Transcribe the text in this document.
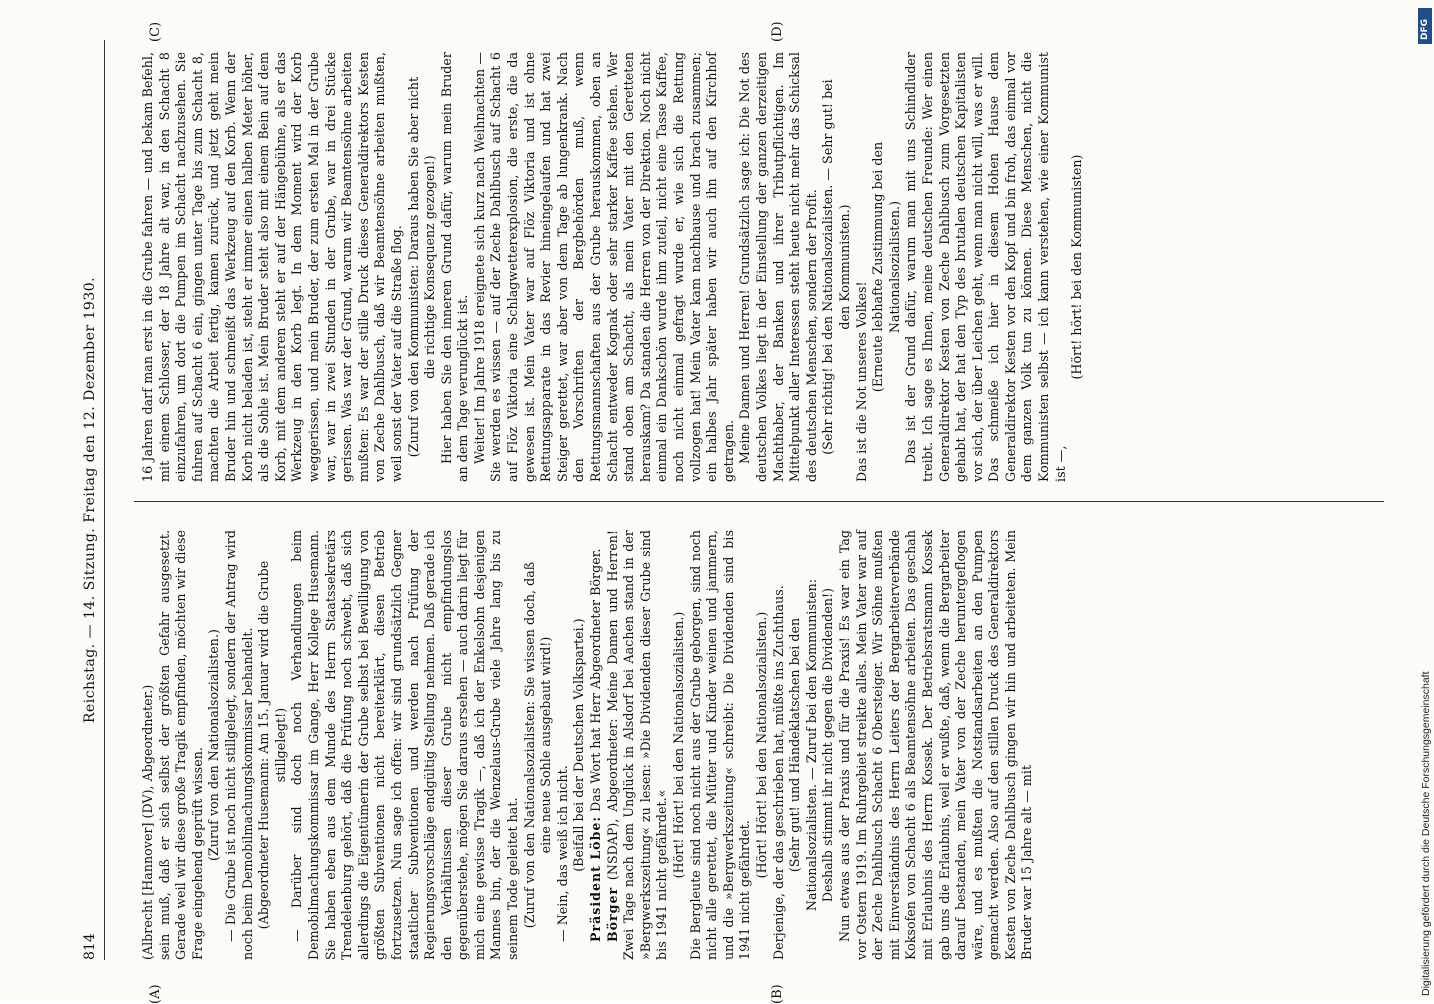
814
Reichstag. — 14. Sitzung. Freitag den 12. Dezember 1930.
(A)	(B)
(C)	(D)

(Albrecht [Hannover] (DV), Abgeordneter.) sein muß, daß er sich selbst der größten Gefahr ausgesetzt. Gerade weil wir diese große Tragik empfinden, möchten wir diese Frage eingehend geprüft wissen. (Zuruf von den Nationalsozialisten.) — Die Grube ist noch nicht stillgelegt, sondern der Antrag wird noch beim Demobilmachungskommissar behandelt. (Abgeordneter Husemann: Am 15. Januar wird die Grube stillgelegt!) — Darüber sind doch noch Verhandlungen beim Demobilmachungskommissar im Gange, Herr Kollege Husemann. Sie haben eben aus dem Munde des Herrn Staatssekretärs Trendelenburg gehört, daß die Prüfung noch schwebt, daß sich allerdings die Eigentümerin der Grube selbst bei Bewilligung von größten Subventionen nicht bereiterklärt, diesen Betrieb fortzusetzen. Nun sage ich offen: wir sind grundsätzlich Gegner staatlicher Subventionen und werden nach Prüfung der Regierungsvorschläge endgültig Stellung nehmen. Daß gerade ich den Verhältnissen dieser Grube nicht empfindungslos gegenüberstehe, mögen Sie daraus ersehen — auch darin liegt für mich eine gewisse Tragik —, daß ich der Enkelsohn desjenigen Mannes bin, der die Wenzelaus-Grube viele Jahre lang bis zu seinem Tode geleitet hat. (Zuruf von den Nationalsozialisten: Sie wissen doch, daß eine neue Sohle ausgebaut wird!)

— Nein, das weiß ich nicht. (Beifall bei der Deutschen Volkspartei.)

Präsident Löbe: Das Wort hat Herr Abgeordneter Börger.

Börger (NSDAP), Abgeordneter: Meine Damen und Herren! Zwei Tage nach dem Unglück in Alsdorf bei Aachen stand in der »Bergwerkszeitung« zu lesen: »Die Dividenden dieser Grube sind bis 1941 nicht gefährdet.« (Hört! Hört! bei den Nationalsozialisten.) Die Bergleute sind noch nicht aus der Grube geborgen, sind noch nicht alle gerettet, die Mütter und Kinder weinen und jammern, und die »Bergwerkszeitung« schreibt: Die Dividenden sind bis 1941 nicht gefährdet.

(Hört! Hört! bei den Nationalsozialisten.) Derjenige, der das geschrieben hat, müßte ins Zuchthaus. (Sehr gut! und Händeklatschen bei den Nationalsozialisten. — Zuruf bei den Kommunisten: Deshalb stimmt ihr nicht gegen die Dividenden!) Nun etwas aus der Praxis und für die Praxis! Es war ein Tag vor Ostern 1919. Im Ruhrgebiet streikte alles. Mein Vater war auf der Zeche Dahlbusch Schacht 6 Obersteiger. Wir Söhne mußten mit Einverständnis des Herrn Leiters der Bergarbeiterverbände Koksofen von Schacht 6 als Beamtensöhne arbeiten. Das geschah mit Erlaubnis des Herrn Kossek. Der Betriebsratsmann Kossek gab uns die Erlaubnis, weil er wußte, daß, wenn die Bergarbeiter darauf bestanden, mein Vater von der Zeche heruntergeflogen wäre, und es mußten die Notstandsarbeiten an den Pumpen gemacht werden. Also auf den stillen Druck des Generaldirektors Kesten von Zeche Dahlbusch gingen wir hin und arbeiteten. Mein Bruder war 15 Jahre alt — mit

16 Jahren darf man erst in die Grube fahren — und bekam Befehl, mit einem Schlosser, der 18 Jahre alt war, in den Schacht 8 einzufahren, um dort die Pumpen im Schacht nachzusehen. Sie fuhren auf Schacht 6 ein, gingen unter Tage bis zum Schacht 8, machten die Arbeit fertig, kamen zurück, und jetzt geht mein Bruder hin und schmeißt das Werkzeug auf den Korb. Wenn der Korb nicht beladen ist, steht er immer einen halben Meter höher, als die Sohle ist. Mein Bruder steht also mit einem Bein auf dem Korb, mit dem anderen steht er auf der Hängebühne, als er das Werkzeug in den Korb legt. In dem Moment wird der Korb weggerissen, und mein Bruder, der zum ersten Mal in der Grube war, war in zwei Stunden in der Grube, war in drei Stücke gerissen. Was war der Grund, warum wir Beamtensöhne arbeiten mußten: Es war der stille Druck dieses Generaldirektors Kesten von Zeche Dahlbusch, daß wir Beamtensöhne arbeiten mußten, weil sonst der Vater auf die Straße flog. (Zuruf von den Kommunisten: Daraus haben Sie aber nicht die richtige Konsequenz gezogen!) Hier haben Sie den inneren Grund dafür, warum mein Bruder an dem Tage verunglückt ist. Weiter! Im Jahre 1918 ereignete sich kurz nach Weihnachten — Sie werden es wissen — auf der Zeche Dahlbusch auf Schacht 6 auf Flöz Viktoria eine Schlagwetterexplosion, die erste, die da gewesen ist. Mein Vater war auf Flöz Viktoria und ist ohne Rettungsapparate in das Revier hineingelaufen und hat zwei Steiger gerettet, war aber von dem Tage ab lungenkrank. Nach den Vorschriften der Bergbehörden muß, wenn Rettungsmannschaften aus der Grube herauskommen, oben an Schacht entweder Kognak oder sehr starker Kaffee stehen. Wer stand oben am Schacht, als mein Vater mit den Geretteten herauskam? Da standen die Herren von der Direktion. Noch nicht einmal ein Dankschön wurde ihm zuteil, nicht eine Tasse Kaffee, noch nicht einmal gefragt wurde er, wie sich die Rettung vollzogen hat! Mein Vater kam nachhause und brach zusammen; ein halbes Jahr später haben wir auch ihn auf den Kirchhof getragen. Meine Damen und Herren! Grundsätzlich sage ich: Die Not des deutschen Volkes liegt in der Einstellung der ganzen derzeitigen Machthaber, der Banken und ihrer Tributpflichtigen. Im Mittelpunkt aller Interessen steht heute nicht mehr das Schicksal des deutschen Menschen, sondern der Profit. (Sehr richtig! bei den Nationalsozialisten. — Sehr gut! bei den Kommunisten.)

Das ist die Not unseres Volkes! (Erneute lebhafte Zustimmung bei den Nationalsozialisten.) Das ist der Grund dafür, warum man mit uns Schindluder treibt. Ich sage es Ihnen, meine deutschen Freunde: Wer einen Generaldirektor Kesten von Zeche Dahlbusch zum Vorgesetzten gehabt hat, der hat den Typ des brutalen deutschen Kapitalisten vor sich, der über Leichen geht, wenn man nicht will, was er will. Das schmeiße ich hier in diesem Hohen Hause dem Generaldirektor Kesten vor den Kopf und bin froh, das einmal vor dem ganzen Volk tun zu können. Diese Menschen, nicht die Kommunisten selbst — ich kann verstehen, wie einer Kommunist ist —,

(Hört! hört! bei den Kommunisten)

DFG
Digitalisierung gefördert durch die Deutsche Forschungsgemeinschaft
